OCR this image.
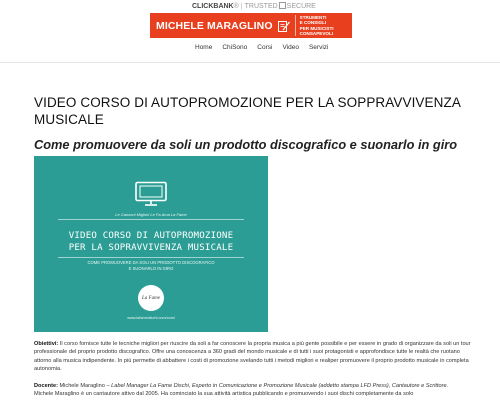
CLICKBANK® | TRUSTED SECURE
MICHELE MARAGLINO
STRUMENTI
E CONSIGLI
PER MUSICISTI
CONSAPEVOLI
Home	ChiSono	Corsi	Video	Servizi
VIDEO CORSO DI AUTOPROMOZIONE PER LA SOPPRAVVIVENZA MUSICALE
Come promuovere da soli un prodotto discografico e suonarlo in giro
Le Canzoni Migliori Le Fa Ama La Fame
VIDEO CORSO DI AUTOPROMOZIONE
PER LA SOPRAVVIVENZA MUSICALE
COME PROMUOVERE DA SOLI UN PRODOTTO DISCOGRAFICO
E SUONARLO IN GIRO
La Fame
www.lafamedischi.com/corsi

Obiettivi: Il corso fornisce tutte le tecniche migliori per riuscire da soli a far conoscere la propria musica a più gente possibile e per essere in grado di organizzare da soli un tour professionale del proprio prodotto discografico. Offre una conoscenza a 360 gradi del mondo musicale e di tutti i suoi protagonisti e approfondisce tutte le realtà che ruotano attorno alla musica indipendente. In più permette di abbattere i costi di promozione svelando tutti i metodi migliori e realiper promuovere il proprio prodotto musicale in completa autonomia.

Docente: Michele Maraglino – Label Manager La Fame Dischi, Esperto in Comunicazione e Promozione Musicale (addetto stampa LFD Press), Cantautore e Scrittore.
Michele Maraglino è un cantautore attivo dal 2005. Ha cominciato la sua attività artistica pubblicando e promuovendo i suoi dischi completamente da solo
